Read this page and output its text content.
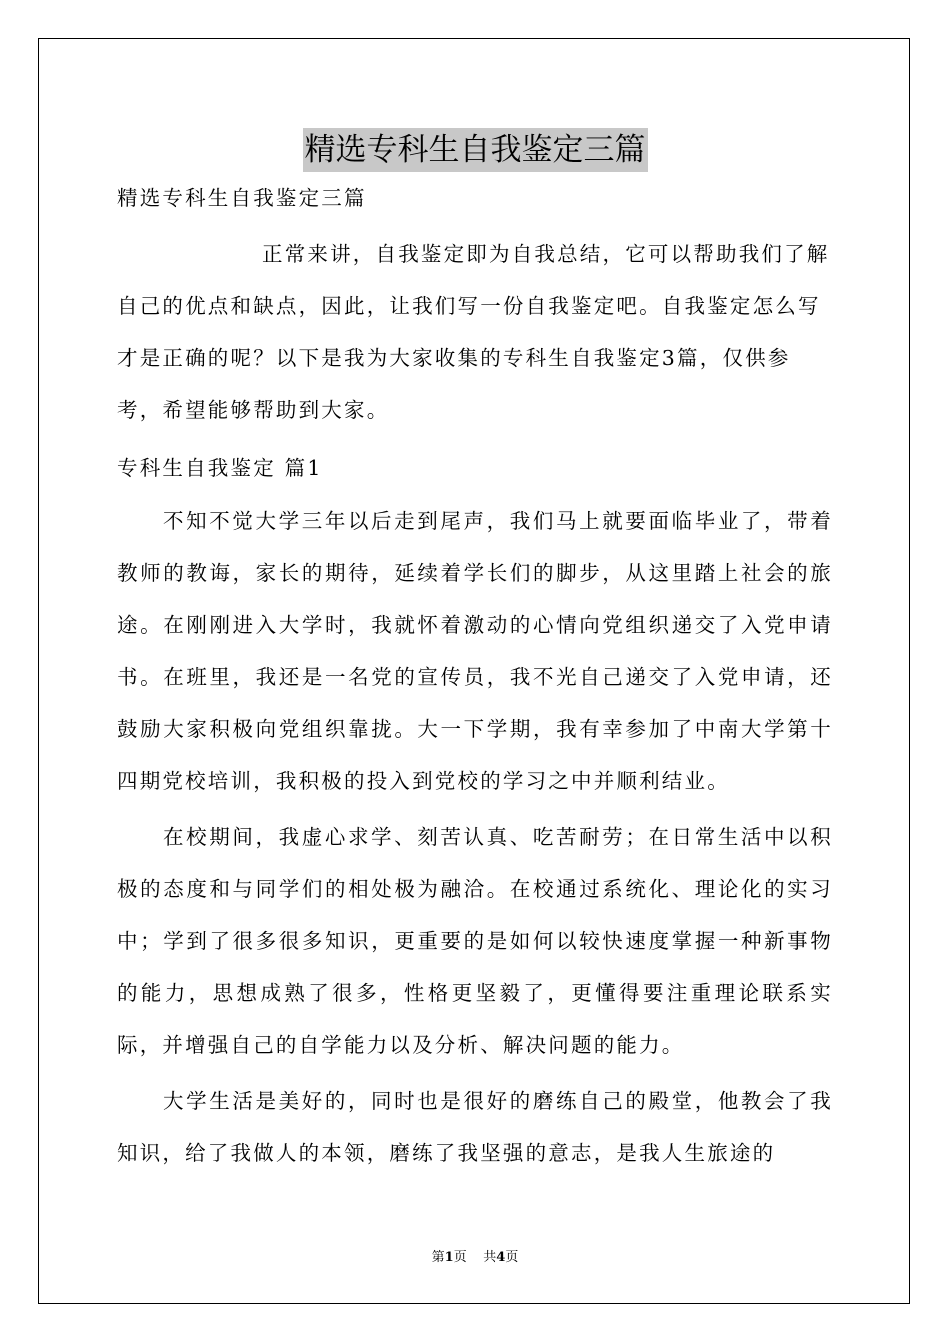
精选专科生自我鉴定三篇
精选专科生自我鉴定三篇

正常来讲，自我鉴定即为自我总结，它可以帮助我们了解自己的优点和缺点，因此，让我们写一份自我鉴定吧。自我鉴定怎么写才是正确的呢？以下是我为大家收集的专科生自我鉴定3篇，仅供参考，希望能够帮助到大家。

专科生自我鉴定 篇1

不知不觉大学三年以后走到尾声，我们马上就要面临毕业了，带着教师的教诲，家长的期待，延续着学长们的脚步，从这里踏上社会的旅途。在刚刚进入大学时，我就怀着激动的心情向党组织递交了入党申请书。在班里，我还是一名党的宣传员，我不光自己递交了入党申请，还鼓励大家积极向党组织靠拢。大一下学期，我有幸参加了中南大学第十四期党校培训，我积极的投入到党校的学习之中并顺利结业。

在校期间，我虚心求学、刻苦认真、吃苦耐劳；在日常生活中以积极的态度和与同学们的相处极为融洽。在校通过系统化、理论化的实习中；学到了很多很多知识，更重要的是如何以较快速度掌握一种新事物的能力，思想成熟了很多，性格更坚毅了，更懂得要注重理论联系实际，并增强自己的自学能力以及分析、解决问题的能力。

大学生活是美好的，同时也是很好的磨练自己的殿堂，他教会了我知识，给了我做人的本领，磨练了我坚强的意志，是我人生旅途的

第1页 共4页
